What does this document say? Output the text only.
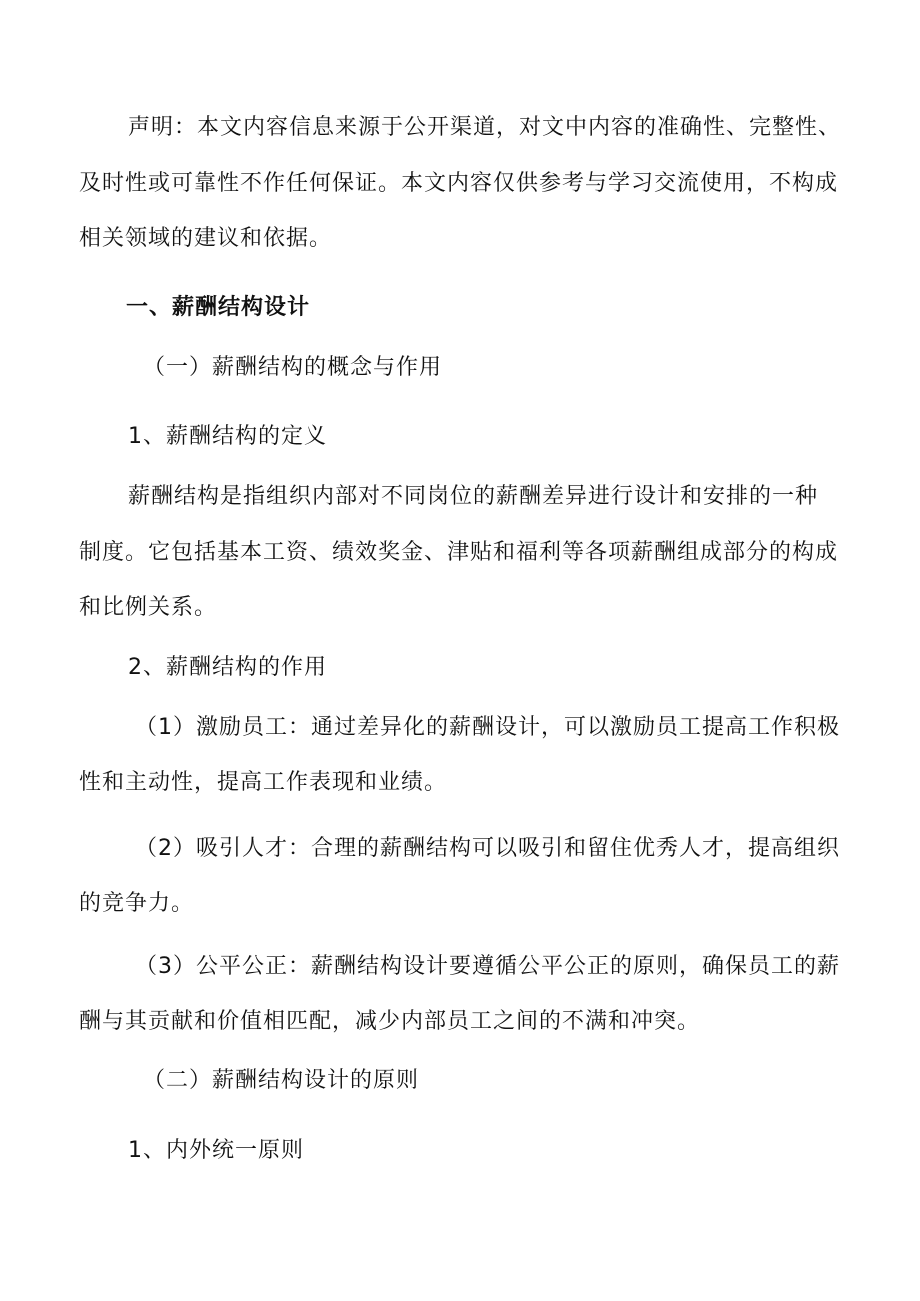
声明：本文内容信息来源于公开渠道，对文中内容的准确性、完整性、
及时性或可靠性不作任何保证。本文内容仅供参考与学习交流使用，不构成
相关领域的建议和依据。
一、薪酬结构设计
（一）薪酬结构的概念与作用
1、薪酬结构的定义
薪酬结构是指组织内部对不同岗位的薪酬差异进行设计和安排的一种
制度。它包括基本工资、绩效奖金、津贴和福利等各项薪酬组成部分的构成
和比例关系。
2、薪酬结构的作用
（1）激励员工：通过差异化的薪酬设计，可以激励员工提高工作积极
性和主动性，提高工作表现和业绩。
（2）吸引人才：合理的薪酬结构可以吸引和留住优秀人才，提高组织
的竞争力。
（3）公平公正：薪酬结构设计要遵循公平公正的原则，确保员工的薪
酬与其贡献和价值相匹配，减少内部员工之间的不满和冲突。
（二）薪酬结构设计的原则
1、内外统一原则
